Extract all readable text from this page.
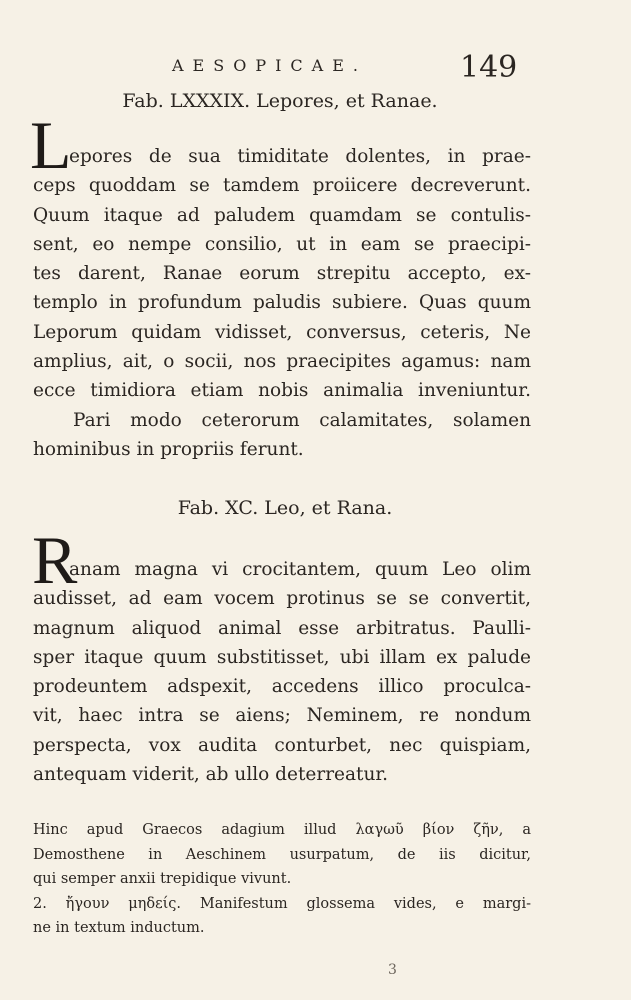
AESOPICAE.	149
Fab. LXXXIX. Lepores, et Ranae.
L
epores de sua timiditate dolentes, in prae-
ceps quoddam se tamdem proiicere decreverunt.
Quum itaque ad paludem quamdam se contulis-
sent, eo nempe consilio, ut in eam se praecipi-
tes darent, Ranae eorum strepitu accepto, ex-
templo in profundum paludis subiere. Quas quum
Leporum quidam vidisset, conversus, ceteris, Ne
amplius, ait, o socii, nos praecipites agamus: nam
ecce timidiora etiam nobis animalia inveniuntur.
Pari modo ceterorum calamitates, solamen
hominibus in propriis ferunt.
Fab. XC. Leo, et Rana.
R
anam magna vi crocitantem, quum Leo olim
audisset, ad eam vocem protinus se se convertit,
magnum aliquod animal esse arbitratus. Paulli-
sper itaque quum substitisset, ubi illam ex palude
prodeuntem adspexit, accedens illico proculca-
vit, haec intra se aiens; Neminem, re nondum
perspecta, vox audita conturbet, nec quispiam,
antequam viderit, ab ullo deterreatur.
Hinc apud Graecos adagium illud λαγωῦ βίον ζῆν, a
Demosthene in Aeschinem usurpatum, de iis dicitur,
qui semper anxii trepidique vivunt.
2. ἤγουν μηδείς. Manifestum glossema vides, e margi-
ne in textum inductum.
3
